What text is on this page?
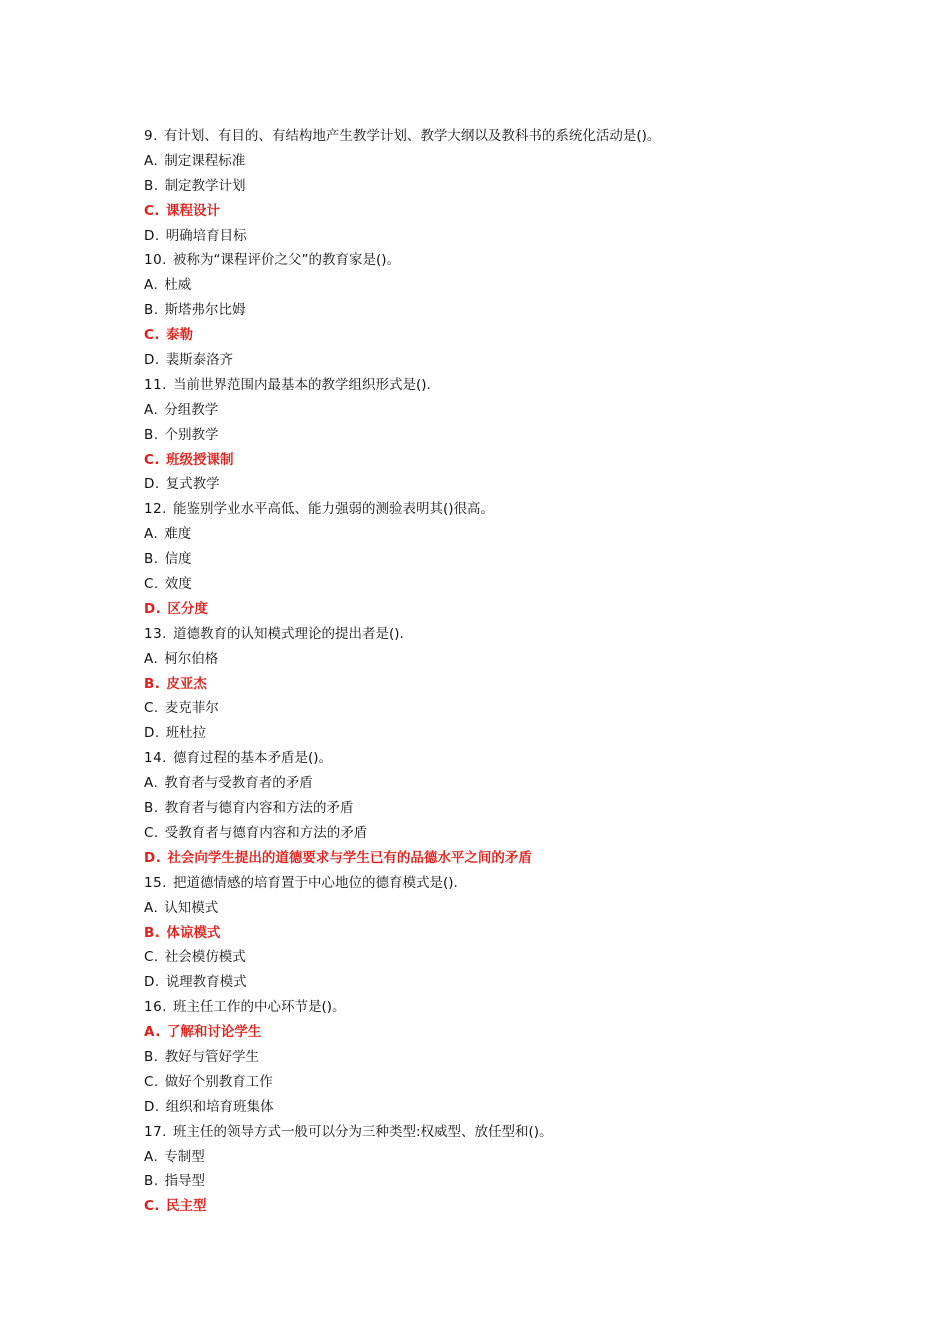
9. 有计划、有目的、有结构地产生教学计划、教学大纲以及教科书的系统化活动是()。
A. 制定课程标准
B. 制定教学计划
C. 课程设计
D. 明确培育目标
10. 被称为“课程评价之父”的教育家是()。
A. 杜威
B. 斯塔弗尔比姆
C. 泰勒
D. 裴斯泰洛齐
11. 当前世界范围内最基本的教学组织形式是().
A. 分组教学
B. 个别教学
C. 班级授课制
D. 复式教学
12. 能鉴别学业水平高低、能力强弱的测验表明其()很高。
A. 难度
B. 信度
C. 效度
D. 区分度
13. 道德教育的认知模式理论的提出者是().
A. 柯尔伯格
B. 皮亚杰
C. 麦克菲尔
D. 班杜拉
14. 德育过程的基本矛盾是()。
A. 教育者与受教育者的矛盾
B. 教育者与德育内容和方法的矛盾
C. 受教育者与德育内容和方法的矛盾
D. 社会向学生提出的道德要求与学生已有的品德水平之间的矛盾
15. 把道德情感的培育置于中心地位的德育模式是().
A. 认知模式
B. 体谅模式
C. 社会模仿模式
D. 说理教育模式
16. 班主任工作的中心环节是()。
A. 了解和讨论学生
B. 教好与管好学生
C. 做好个别教育工作
D. 组织和培育班集体
17. 班主任的领导方式一般可以分为三种类型:权威型、放任型和()。
A. 专制型
B. 指导型
C. 民主型
